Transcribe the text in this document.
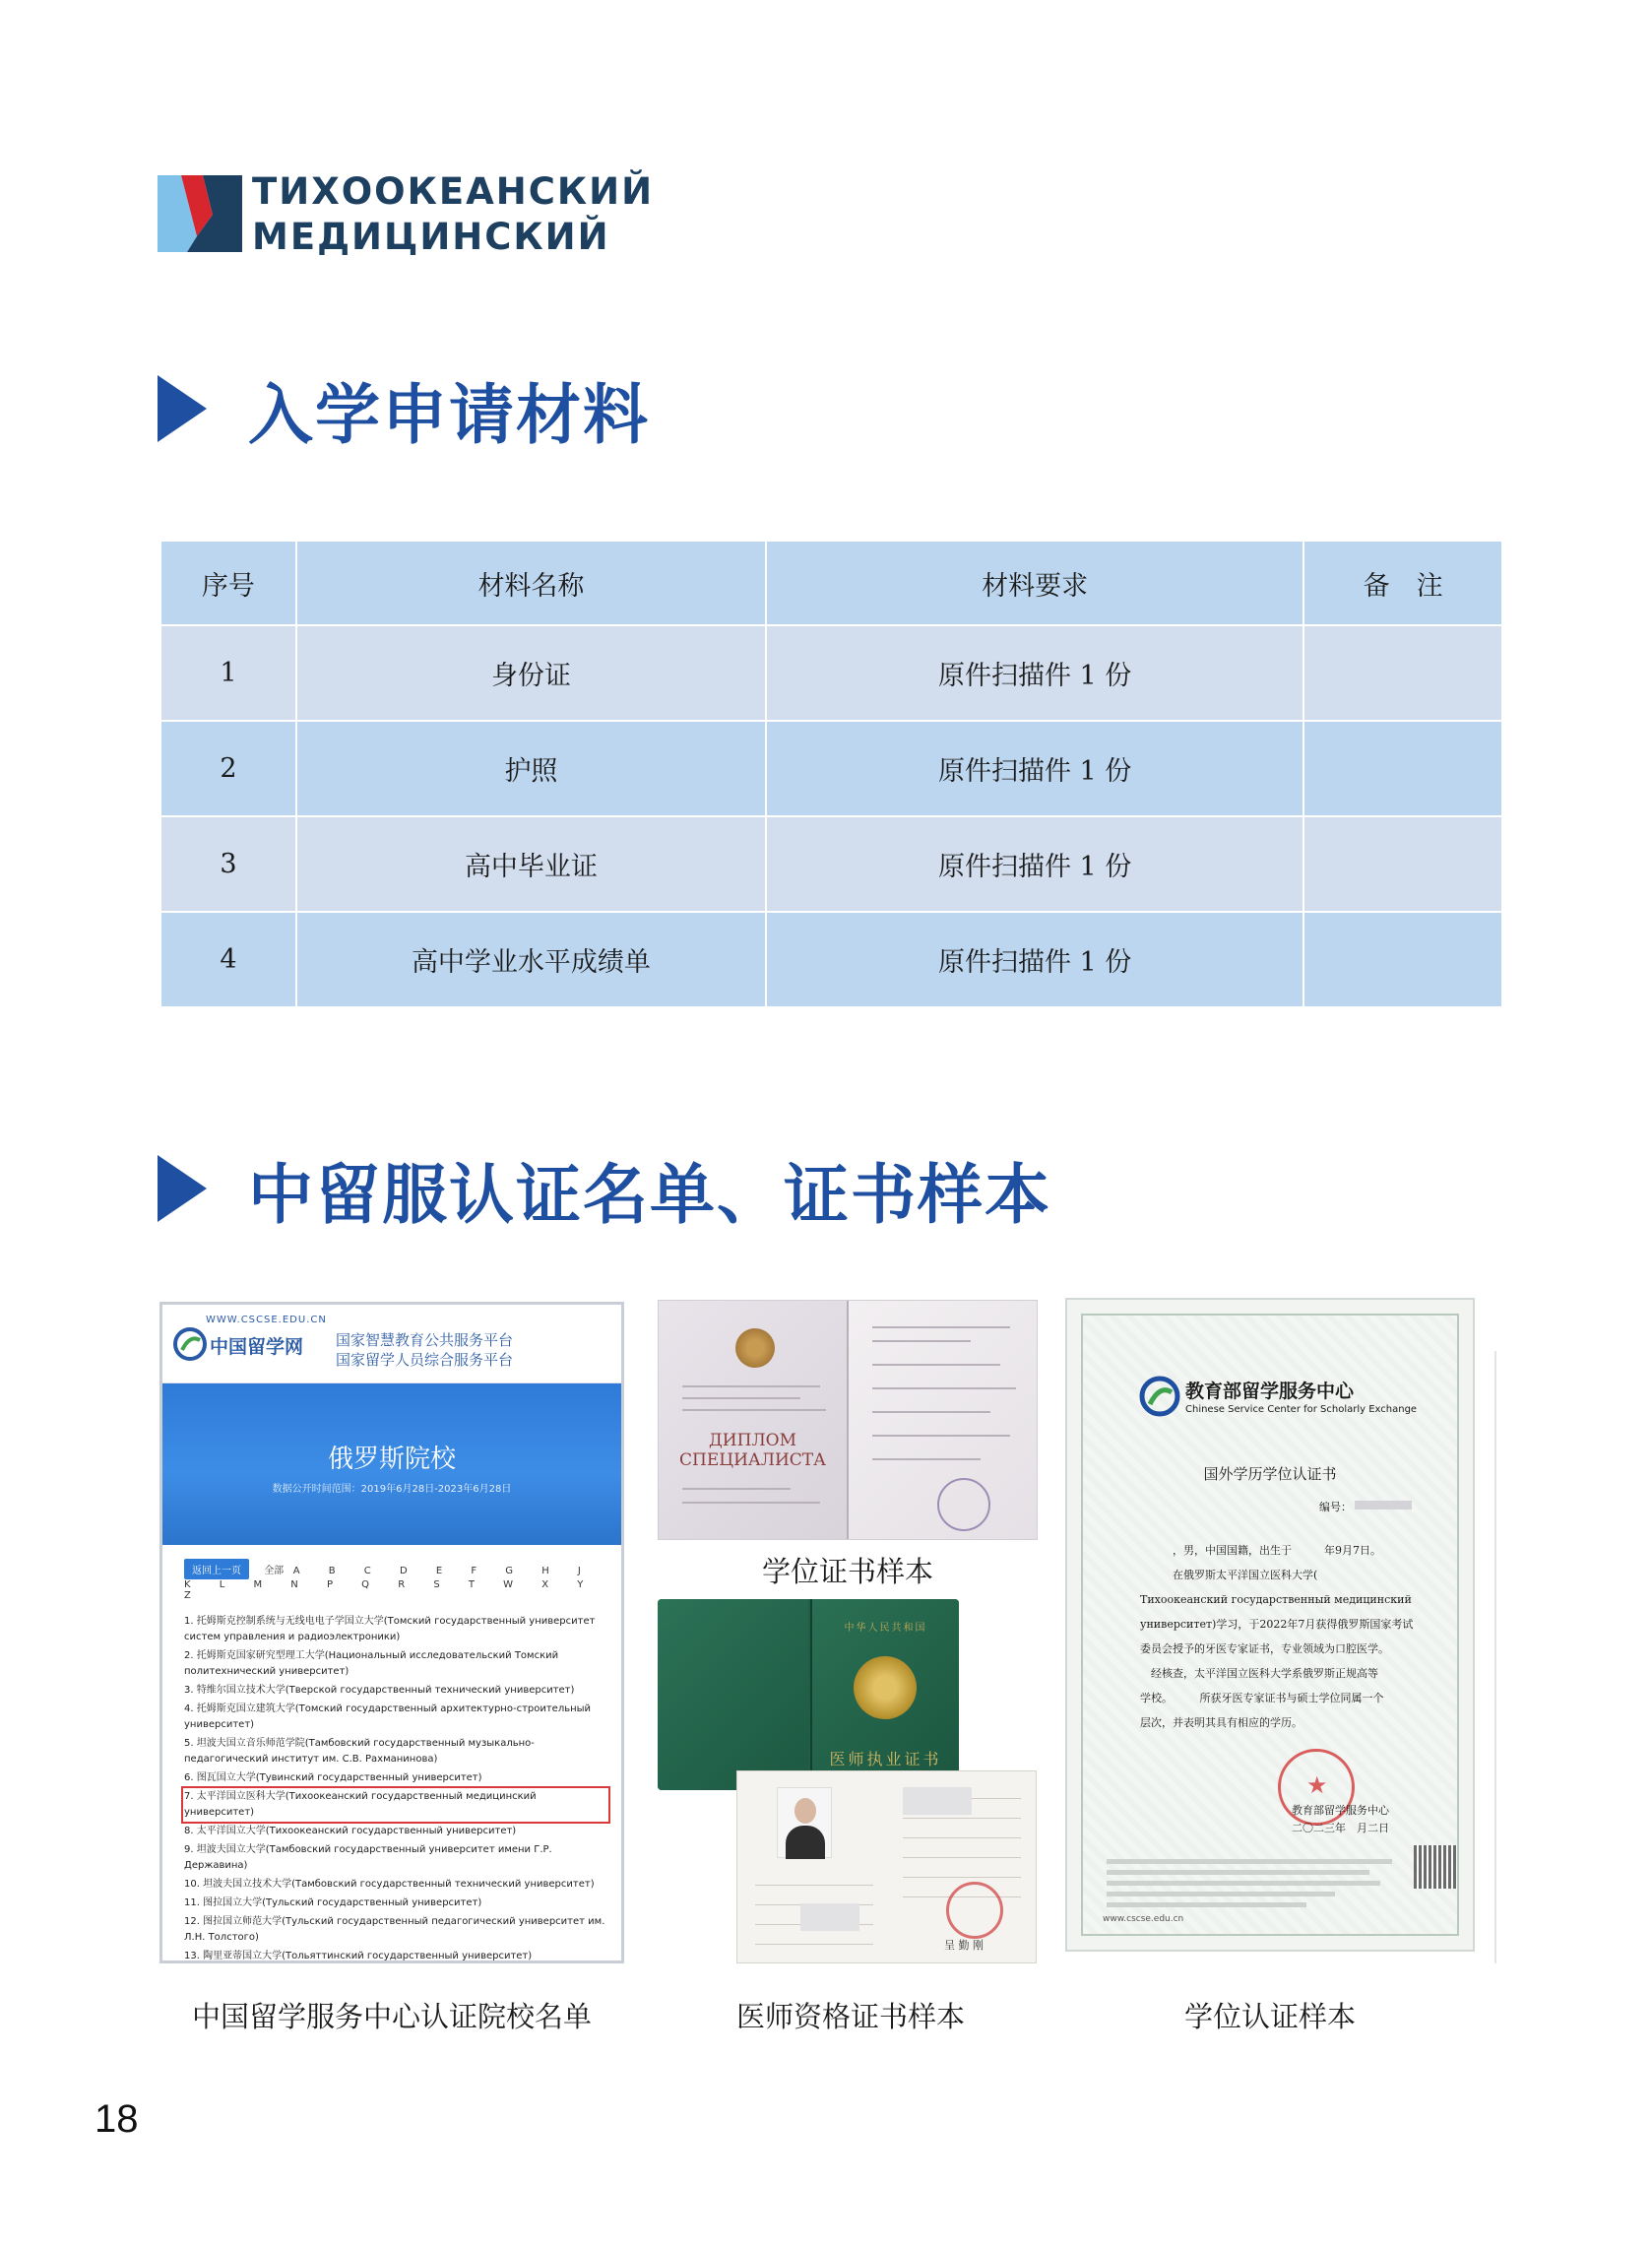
ТИХООКЕАНСКИЙ
МЕДИЦИНСКИЙ
入学申请材料
序号	材料名称	材料要求	备　注
1	身份证	原件扫描件 1 份	
2	护照	原件扫描件 1 份	
3	高中毕业证	原件扫描件 1 份	
4	高中学业水平成绩单	原件扫描件 1 份	
中留服认证名单、证书样本
WWW.CSCSE.EDU.CN
中国留学网 国家智慧教育公共服务平台
国家留学人员综合服务平台
俄罗斯院校
数据公开时间范围：2019年6月28日-2023年6月28日
返回上一页 全部 A B C D E F G H J K L M N P Q R S T W X Y Z
1. 托姆斯克控制系统与无线电电子学国立大学(Томский государственный университет систем управления и радиоэлектроники)
2. 托姆斯克国家研究型理工大学(Национальный исследовательский Томский политехнический университет)
3. 特维尔国立技术大学(Тверской государственный технический университет)
4. 托姆斯克国立建筑大学(Томский государственный архитектурно-строительный университет)
5. 坦波夫国立音乐师范学院(Тамбовский государственный музыкально-педагогический институт им. С.В. Рахманинова)
6. 图瓦国立大学(Тувинский государственный университет)
7. 太平洋国立医科大学(Тихоокеанский государственный медицинский университет)
8. 太平洋国立大学(Тихоокеанский государственный университет)
9. 坦波夫国立大学(Тамбовский государственный университет имени Г.Р. Державина)
10. 坦波夫国立技术大学(Тамбовский государственный технический университет)
11. 图拉国立大学(Тульский государственный университет)
12. 图拉国立师范大学(Тульский государственный педагогический университет им. Л.Н. Толстого)
13. 陶里亚蒂国立大学(Тольяттинский государственный университет)
中国留学服务中心认证院校名单
ДИПЛОМ
СПЕЦИАЛИСТА
学位证书样本
中华人民共和国
医师执业证书
呈 勤 刚
医师资格证书样本
教育部留学服务中心
Chinese Service Center for Scholarly Exchange
国外学历学位认证书
编号：
　　　，男，中国国籍，出生于　　　年9月7日。
　　　在俄罗斯太平洋国立医科大学(
Тихоокеанский государственный медицинский
университет)学习，于2022年7月获得俄罗斯国家考试
委员会授予的牙医专家证书，专业领域为口腔医学。
　经核查，太平洋国立医科大学系俄罗斯正规高等
学校。　　　所获牙医专家证书与硕士学位同属一个
层次，并表明其具有相应的学历。
★
教育部留学服务中心
二〇二三年　月二日
www.cscse.edu.cn
学位认证样本
18
